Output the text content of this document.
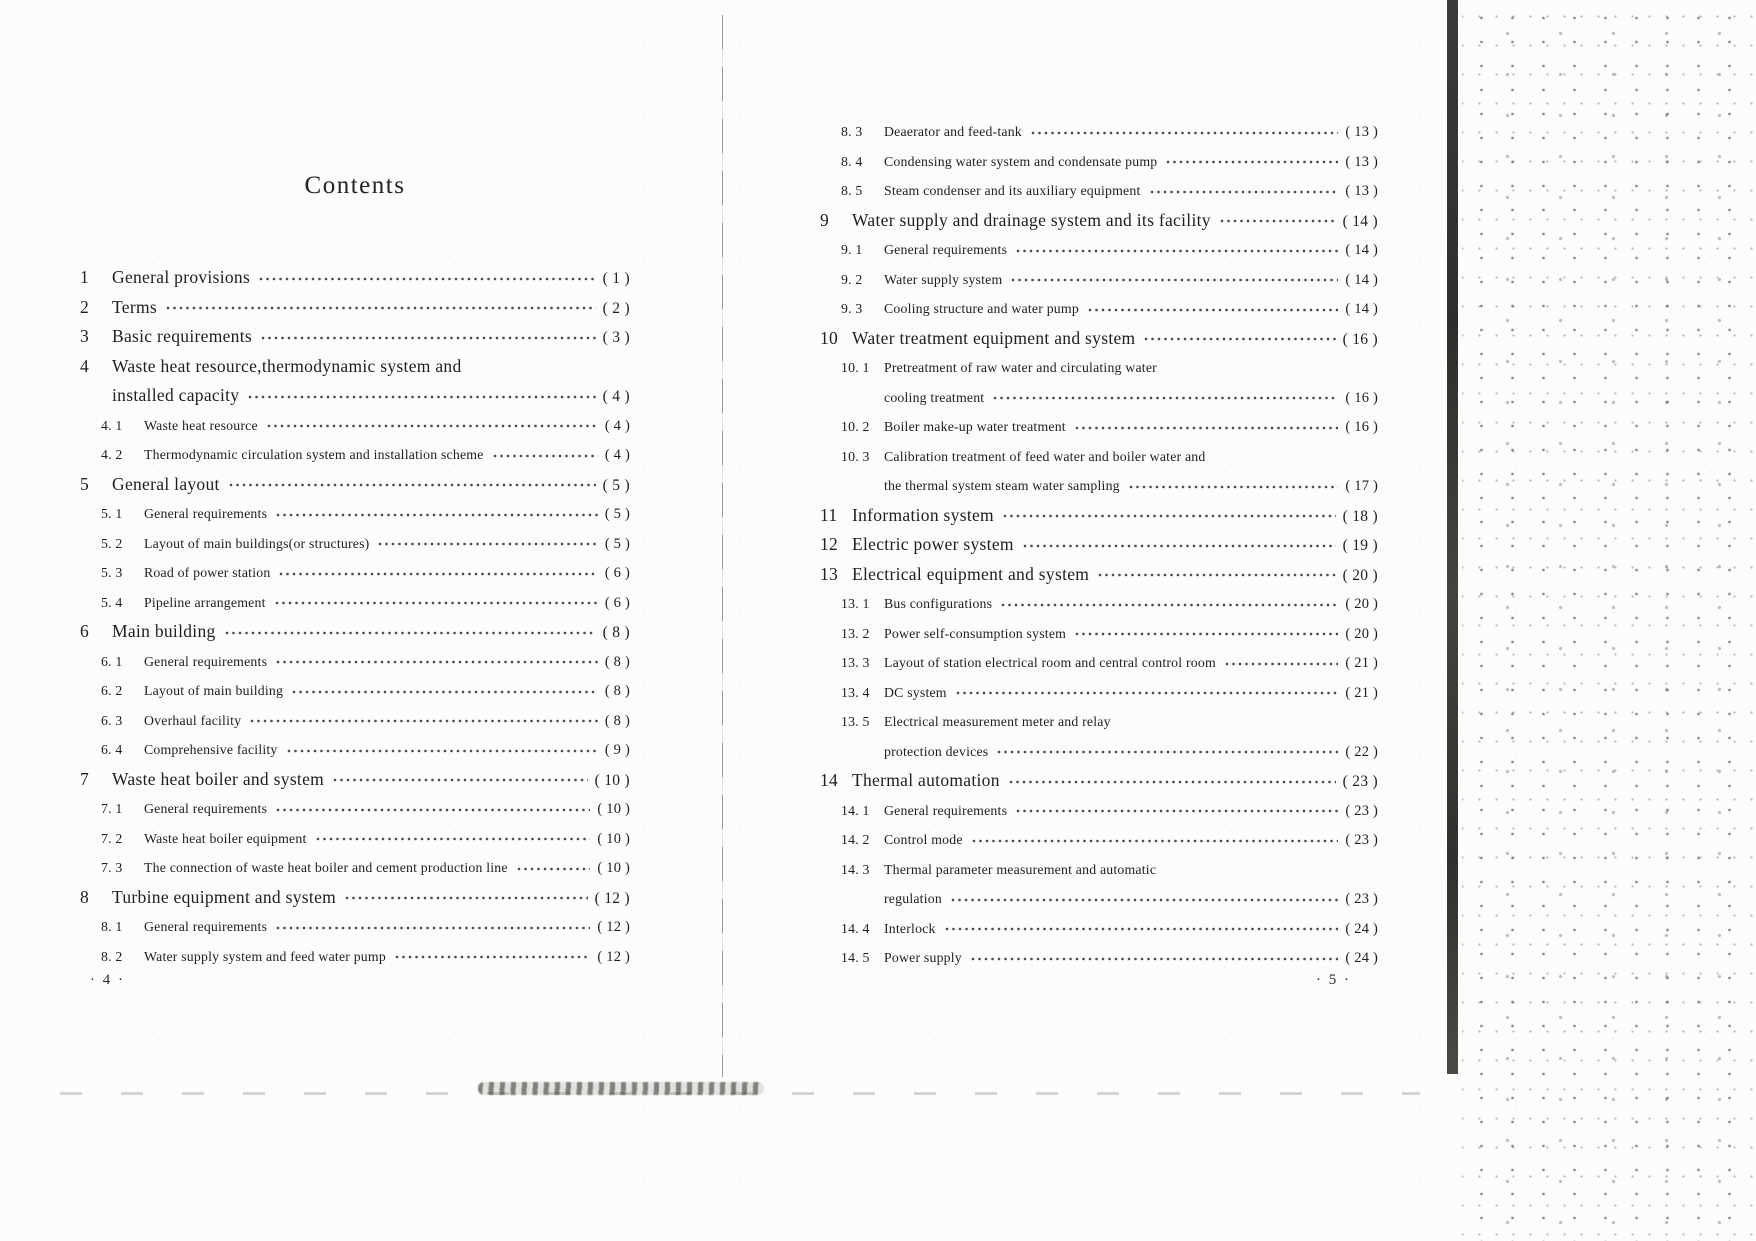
Contents
1	General provisions	( 1 )
2	Terms	( 2 )
3	Basic requirements	( 3 )
4	Waste heat resource,thermodynamic system and
installed capacity	( 4 )
4. 1	Waste heat resource	( 4 )
4. 2	Thermodynamic circulation system and installation scheme	( 4 )
5	General layout	( 5 )
5. 1	General requirements	( 5 )
5. 2	Layout of main buildings(or structures)	( 5 )
5. 3	Road of power station	( 6 )
5. 4	Pipeline arrangement	( 6 )
6	Main building	( 8 )
6. 1	General requirements	( 8 )
6. 2	Layout of main building	( 8 )
6. 3	Overhaul facility	( 8 )
6. 4	Comprehensive facility	( 9 )
7	Waste heat boiler and system	( 10 )
7. 1	General requirements	( 10 )
7. 2	Waste heat boiler equipment	( 10 )
7. 3	The connection of waste heat boiler and cement production line	( 10 )
8	Turbine equipment and system	( 12 )
8. 1	General requirements	( 12 )
8. 2	Water supply system and feed water pump	( 12 )
8. 3	Deaerator and feed-tank	( 13 )
8. 4	Condensing water system and condensate pump	( 13 )
8. 5	Steam condenser and its auxiliary equipment	( 13 )
9	Water supply and drainage system and its facility	( 14 )
9. 1	General requirements	( 14 )
9. 2	Water supply system	( 14 )
9. 3	Cooling structure and water pump	( 14 )
10 Water treatment equipment and system	( 16 )
10. 1	Pretreatment of raw water and circulating water
cooling treatment	( 16 )
10. 2	Boiler make-up water treatment	( 16 )
10. 3	Calibration treatment of feed water and boiler water and
the thermal system steam water sampling	( 17 )
11 Information system	( 18 )
12 Electric power system	( 19 )
13 Electrical equipment and system	( 20 )
13. 1	Bus configurations	( 20 )
13. 2	Power self-consumption system	( 20 )
13. 3	Layout of station electrical room and central control room	( 21 )
13. 4	DC system	( 21 )
13. 5	Electrical measurement meter and relay
protection devices	( 22 )
14 Thermal automation	( 23 )
14. 1	General requirements	( 23 )
14. 2	Control mode	( 23 )
14. 3	Thermal parameter measurement and automatic
regulation	( 23 )
14. 4	Interlock	( 24 )
14. 5	Power supply	( 24 )
· 4 ·	· 5 ·
